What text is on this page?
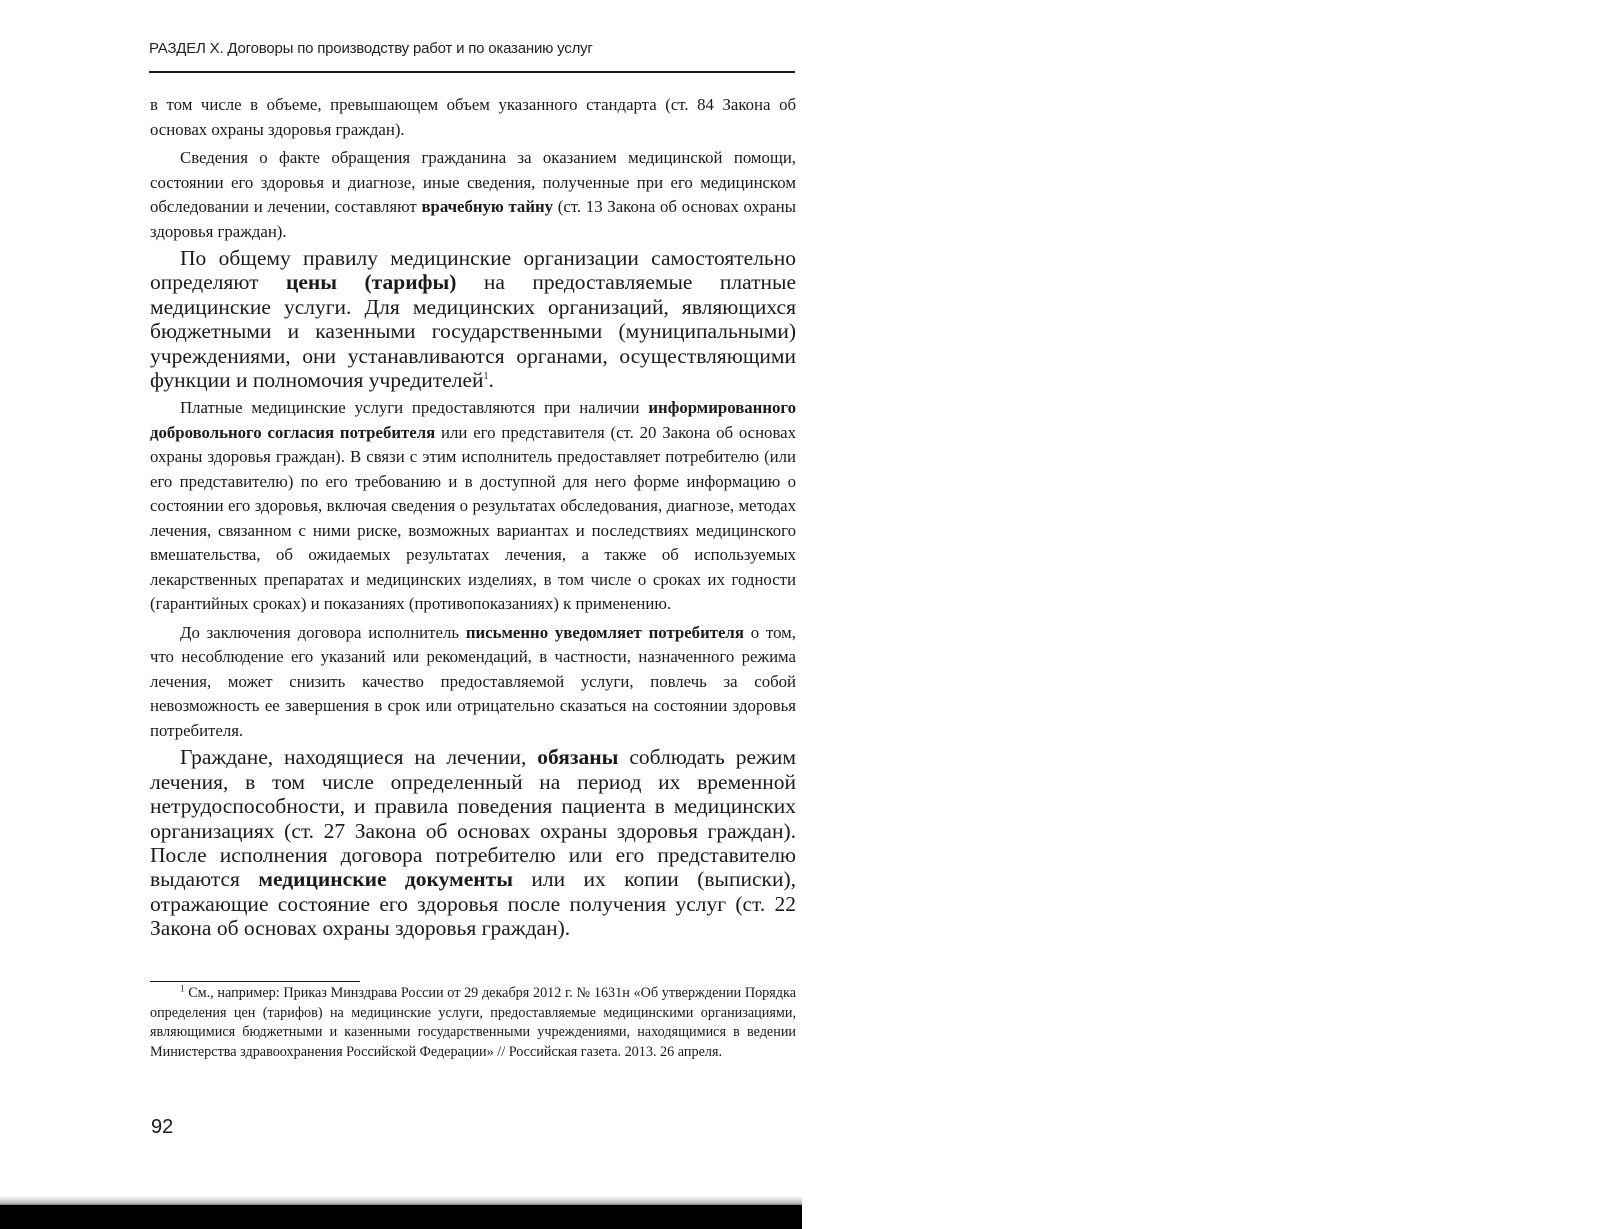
РАЗДЕЛ X. Договоры по производству работ и по оказанию услуг

в том числе в объеме, превышающем объем указанного стандарта (ст. 84 Закона об основах охраны здоровья граждан).

Сведения о факте обращения гражданина за оказанием медицинской помощи, состоянии его здоровья и диагнозе, иные сведения, полученные при его медицинском обследовании и лечении, составляют врачебную тайну (ст. 13 Закона об основах охраны здоровья граждан).

По общему правилу медицинские организации самостоятельно определяют цены (тарифы) на предоставляемые платные медицинские услуги. Для медицинских организаций, являющихся бюджетными и казенными государственными (муниципальными) учреждениями, они устанавливаются органами, осуществляющими функции и полномочия учредителей$^1$.

Платные медицинские услуги предоставляются при наличии информированного добровольного согласия потребителя или его представителя (ст. 20 Закона об основах охраны здоровья граждан). В связи с этим исполнитель предоставляет потребителю (или его представителю) по его требованию и в доступной для него форме информацию о состоянии его здоровья, включая сведения о результатах обследования, диагнозе, методах лечения, связанном с ними риске, возможных вариантах и последствиях медицинского вмешательства, об ожидаемых результатах лечения, а также об используемых лекарственных препаратах и медицинских изделиях, в том числе о сроках их годности (гарантийных сроках) и показаниях (противопоказаниях) к применению.

До заключения договора исполнитель письменно уведомляет потребителя о том, что несоблюдение его указаний или рекомендаций, в частности, назначенного режима лечения, может снизить качество предоставляемой услуги, повлечь за собой невозможность ее завершения в срок или отрицательно сказаться на состоянии здоровья потребителя.

Граждане, находящиеся на лечении, обязаны соблюдать режим лечения, в том числе определенный на период их временной нетрудоспособности, и правила поведения пациента в медицинских организациях (ст. 27 Закона об основах охраны здоровья граждан). После исполнения договора потребителю или его представителю выдаются медицинские документы или их копии (выписки), отражающие состояние его здоровья после получения услуг (ст. 22 Закона об основах охраны здоровья граждан).

$^1$ См., например: Приказ Минздрава России от 29 декабря 2012 г. № 1631н «Об утверждении Порядка определения цен (тарифов) на медицинские услуги, предоставляемые медицинскими организациями, являющимися бюджетными и казенными государственными учреждениями, находящимися в ведении Министерства здравоохранения Российской Федерации» // Российская газета. 2013. 26 апреля.
92
